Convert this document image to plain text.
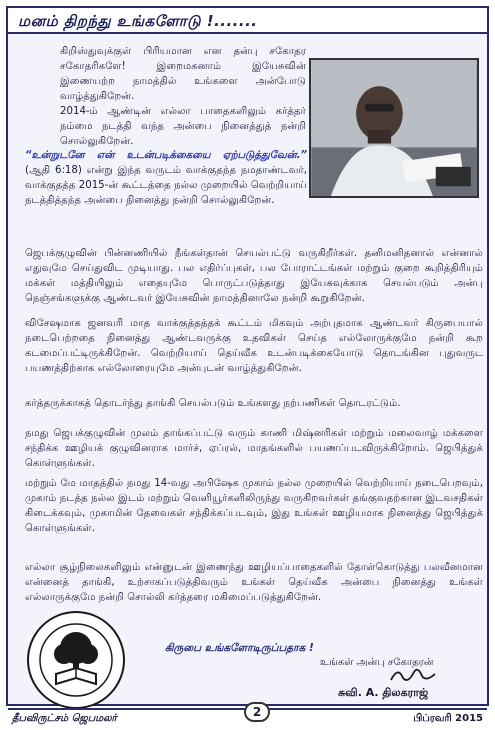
மனம் திறந்து உங்களோடு !.......
கிறிஸ்துவுக்குள் பிரியமான என தன்பு சகோதர சகோதரிகளே! இறைமகனாம் இயேசுவின் இணையற்ற நாமத்தில் உங்களை அன்போடு வாழ்த்துகிறேன்.
2014-ம் ஆண்டின் எல்லா பாதைகளிலும் கர்த்தர் நம்மை நடத்தி வந்த அன்பை நினைத்துத் நன்றி சொல்லுகிறேன்.
“உன்றுடனே என் உடன்படிக்கையை ஏற்படுத்துவேன்.” (ஆதி 6:18) என்று இந்த வருடம் வாக்குதந்த நமதாண்டவர், வாக்குதத்த 2015-ன் கூட்டத்தை நல்ல முறையில் வெற்றியாய் நடத்தித்தந்த அன்பை நினைத்து நன்றி சொல்லுகிறேன்.
ஜெபக்குழுவின் பின்னணியில் நீங்கள்தான் செயல்பட்டு வருகிறீர்கள். தனிமனிதனால் என்னால் எதுவுமே செய்துவிட முடியாது. பல எதிர்ப்புகள், பல போராட்டங்கள் மற்றும் குறை கூறித்திரியும் மக்கள் மத்தியிலும் எதையுமே பொருட்படுத்தாது இயேசுவுக்காக செயல்படும் அன்பு நெஞ்சங்களுக்கு ஆண்டவர் இயேசுவின் நாமத்தினாலே நன்றி கூறுகிறேன்.
விசேஷமாக ஜனவரி மாத வாக்குத்தத்தக் கூட்டம் மிகவும் அற்புதமாக ஆண்டவர் கிருபையால் நடைபெற்றதை நினைத்து ஆண்டவருக்கு உதவிகள் செய்த எல்லோருக்குமே நன்றி கூற கடமைப்பட்டிருக்கிறேன். வெற்றியாய் தெய்வீக உடன்படிக்கையோடு தொடங்கின புதுவருட பயணத்திற்காக எல்லோரையுமே அன்புடன் வாழ்த்துகிறேன்.
கர்த்தருக்காகத் தொடர்ந்து தாங்கி செயல்படும் உங்களது நற்பணிகள் தொடரட்டும்.
நமது ஜெபக்குழுவின் முலம் தாங்கப்பட்டு வரும் காணி மிஷ்னரிகள் மற்றும் மலைவாழ் மக்களை சந்திக்க ஊழியக் குழுவினராக மார்ச், ஏப்ரல், மாதங்களில் பயணப்படவிருக்கிறோம். ஜெபித்துக் கொள்ளுங்கள்.
மற்றும் மே மாதத்தில் நமது 14-வது அபிஷேக முகாம் நல்ல முறையில் வெற்றியாய் நடைபெறவும், முகாம் நடத்த நல்ல இடம் மற்றும் வெளியூர்களிலிருந்து வருகிறவர்கள் தங்குவதற்கான இடவசதிகள் கிடைக்கவும், முகாமின் தேவைகள் சந்திக்கப்படவும், இது உங்கள் ஊழியமாக நினைத்து ஜெபித்துக் கொள்ளுங்கள்.
எல்லா சூழ்நிலைகளிலும் என்னுடன் இணைந்து ஊழியப்பாதைகளில் தோள்கொடுத்து பலவீனமான என்னைத் தாங்கி, உற்சாகப்படுத்திவரும் உங்கள் தெய்வீக அன்பை நினைத்து உங்கள் எல்லாருக்குமே நன்றி சொல்லி கர்த்தரை மகிமைப்படுத்துகிறேன்.
கிருபை உங்களோடிருப்பதாக !
உங்கள் அன்பு சகோதரன்
சுவி. A. திலகராஜ்
தீபவிருட்சம் ஜெபமலர்	2	பிப்ரவரி 2015
